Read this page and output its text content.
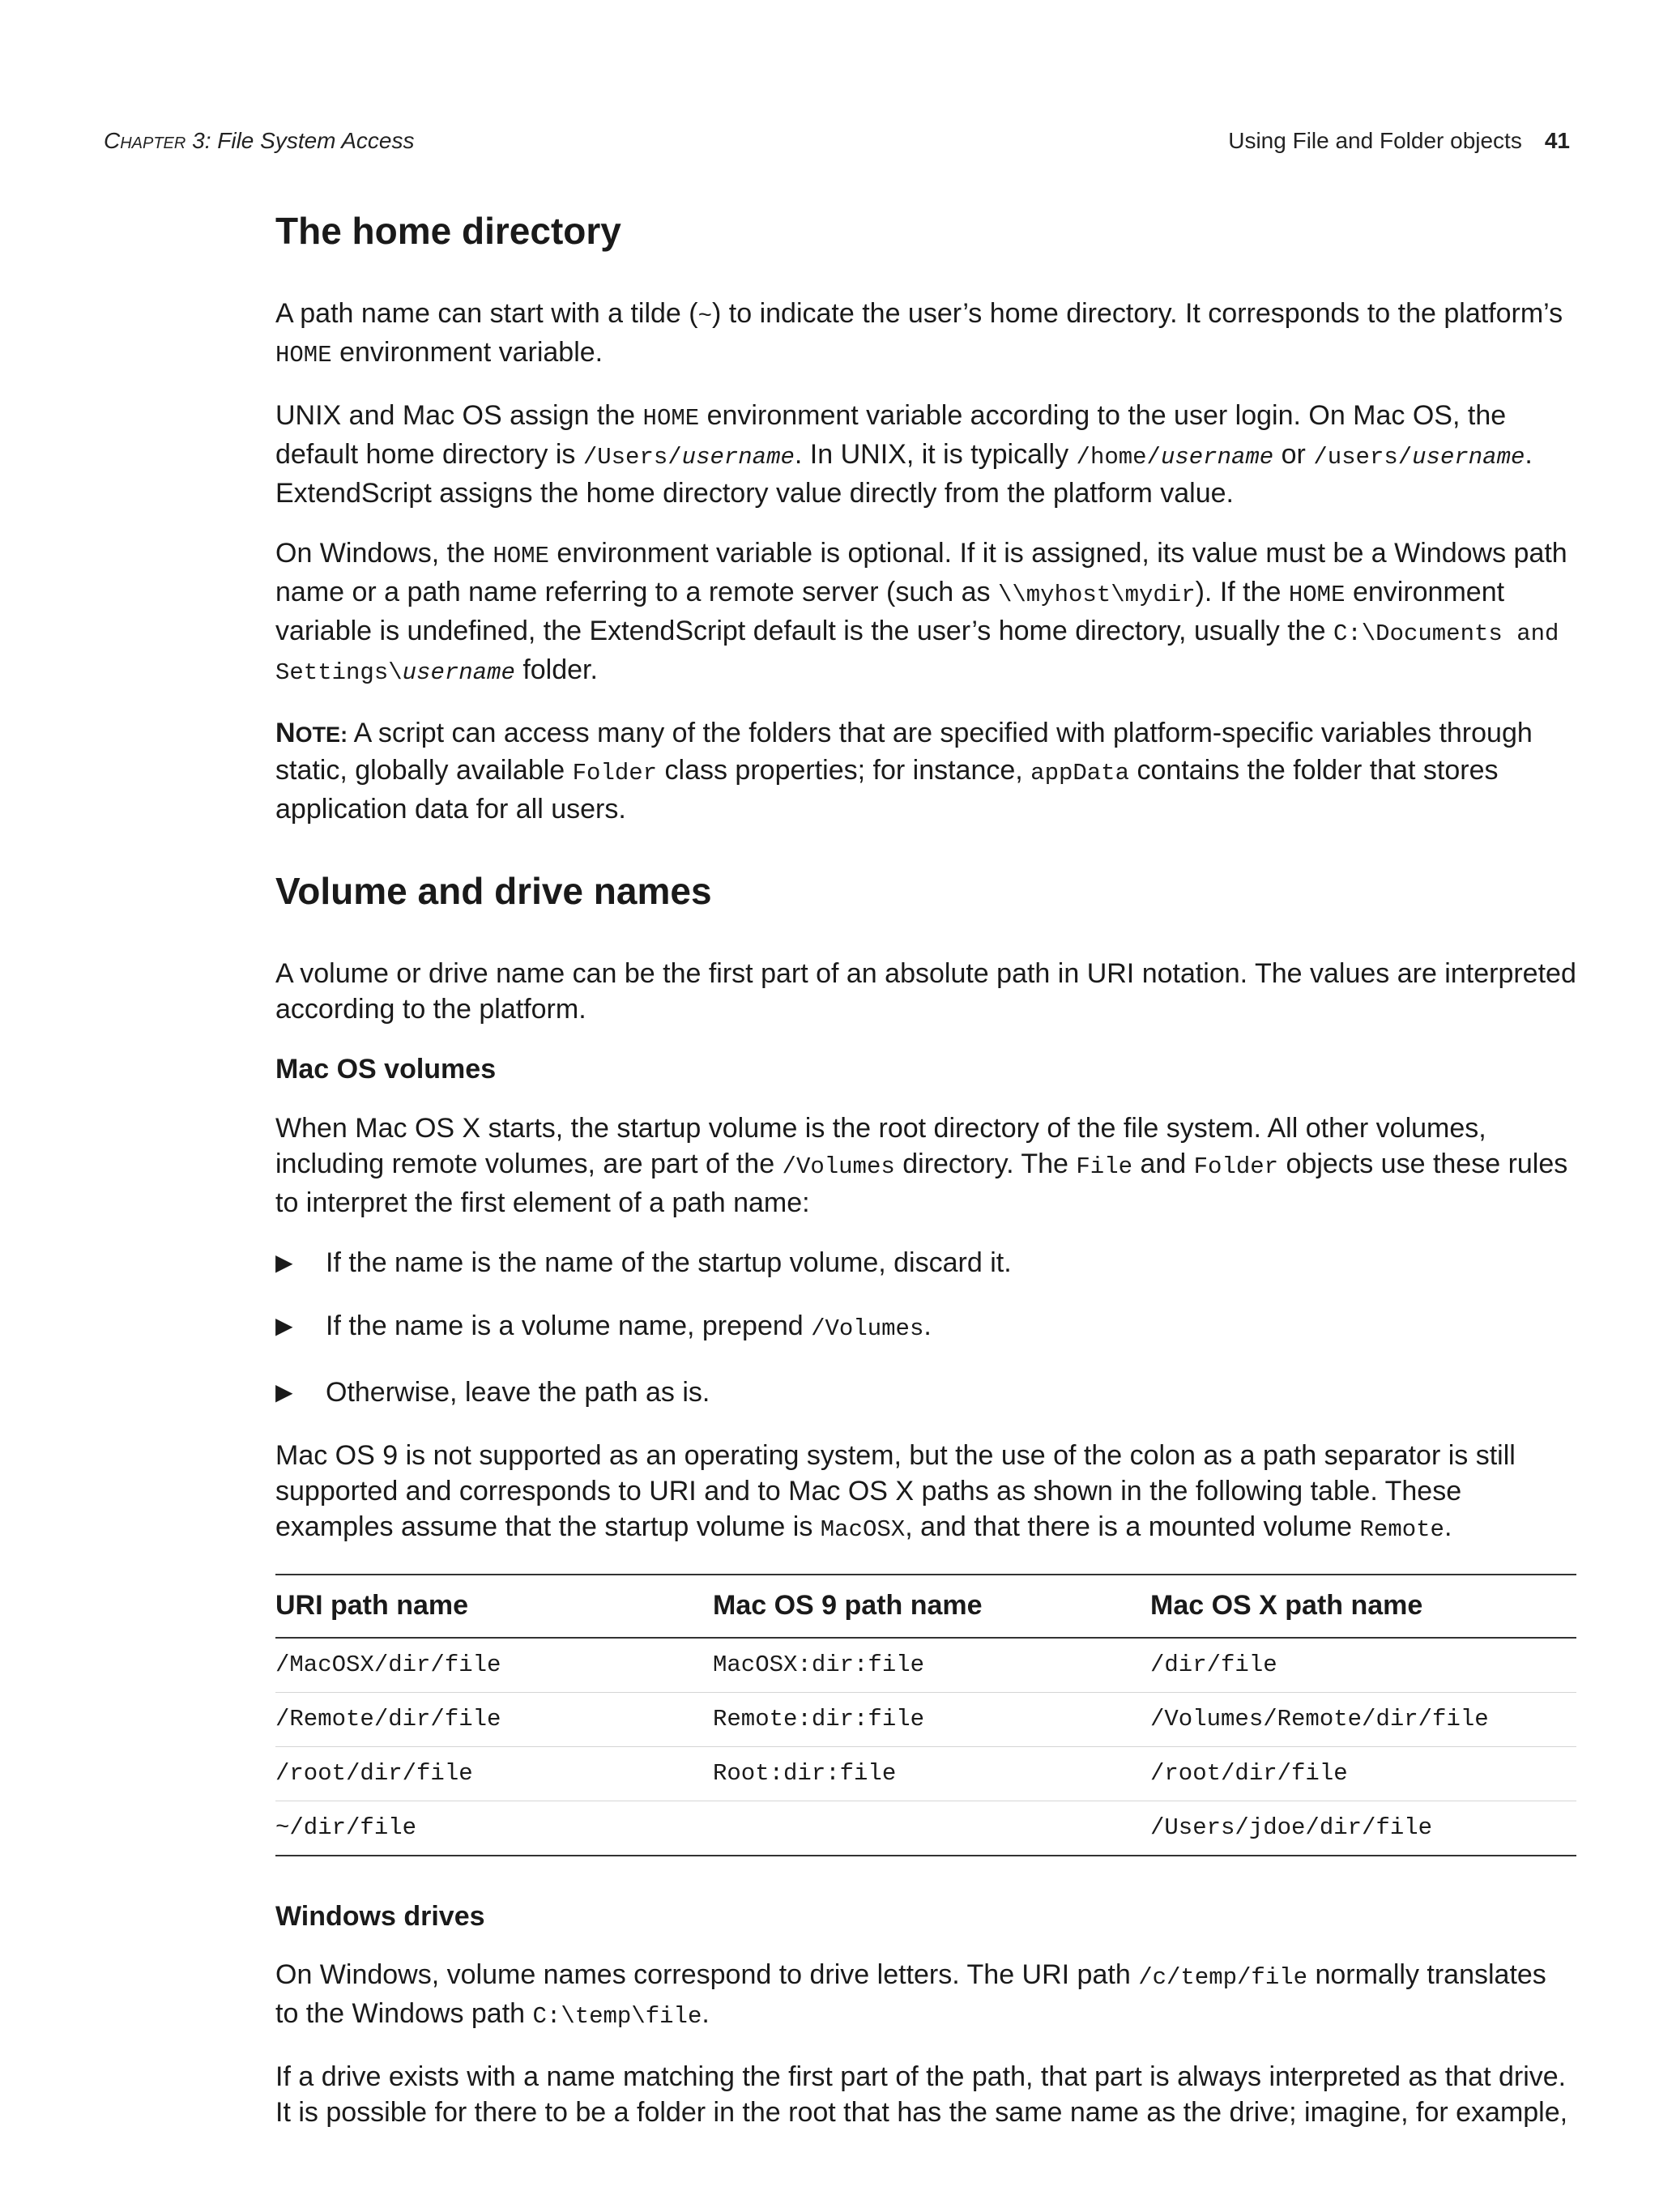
Chapter 3: File System Access	Using File and Folder objects 41
The home directory

A path name can start with a tilde (~) to indicate the user’s home directory. It corresponds to the platform’s HOME environment variable.

UNIX and Mac OS assign the HOME environment variable according to the user login. On Mac OS, the default home directory is /Users/username. In UNIX, it is typically /home/username or /users/username. ExtendScript assigns the home directory value directly from the platform value.

On Windows, the HOME environment variable is optional. If it is assigned, its value must be a Windows path name or a path name referring to a remote server (such as \\myhost\mydir). If the HOME environment variable is undefined, the ExtendScript default is the user’s home directory, usually the C:\Documents and Settings\username folder.

NOTE: A script can access many of the folders that are specified with platform-specific variables through static, globally available Folder class properties; for instance, appData contains the folder that stores application data for all users.

Volume and drive names

A volume or drive name can be the first part of an absolute path in URI notation. The values are interpreted according to the platform.

Mac OS volumes

When Mac OS X starts, the startup volume is the root directory of the file system. All other volumes, including remote volumes, are part of the /Volumes directory. The File and Folder objects use these rules to interpret the first element of a path name:

▶ If the name is the name of the startup volume, discard it.
▶ If the name is a volume name, prepend /Volumes.
▶ Otherwise, leave the path as is.

Mac OS 9 is not supported as an operating system, but the use of the colon as a path separator is still supported and corresponds to URI and to Mac OS X paths as shown in the following table. These examples assume that the startup volume is MacOSX, and that there is a mounted volume Remote.

URI path name	Mac OS 9 path name	Mac OS X path name
/MacOSX/dir/file	MacOSX:dir:file	/dir/file
/Remote/dir/file	Remote:dir:file	/Volumes/Remote/dir/file
/root/dir/file	Root:dir:file	/root/dir/file
~/dir/file		/Users/jdoe/dir/file
Windows drives

On Windows, volume names correspond to drive letters. The URI path /c/temp/file normally translates to the Windows path C:\temp\file.

If a drive exists with a name matching the first part of the path, that part is always interpreted as that drive. It is possible for there to be a folder in the root that has the same name as the drive; imagine, for example,
